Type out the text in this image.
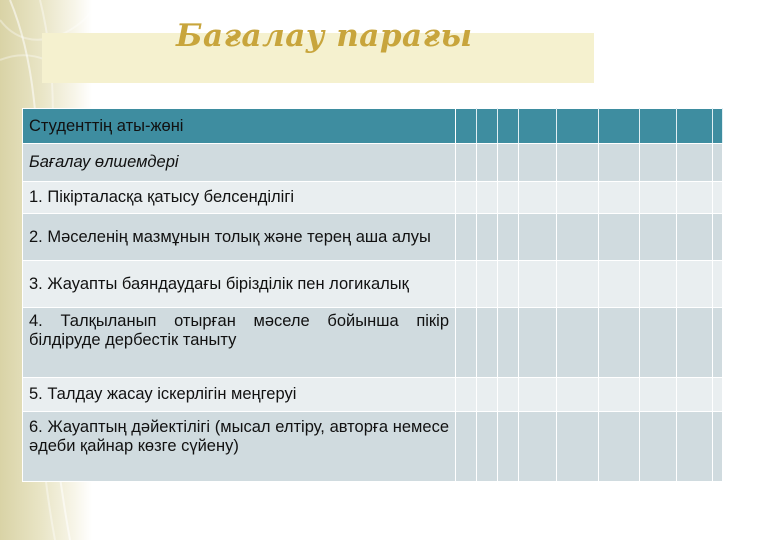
Бағалау парағы
Студенттің аты-жөні									
Бағалау өлшемдері									
1. Пікірталасқа қатысу белсенділігі									
2. Мәселенің мазмұнын толық және терең аша алуы									
3. Жауапты баяндаудағы бірізділік пен логикалық									
4. Талқыланып отырған мәселе бойынша пікір білдіруде дербестік таныту									
5. Талдау жасау іскерлігін меңгеруі									
6. Жауаптың дәйектілігі (мысал елтіру, авторға немесе әдеби қайнар көзге сүйену)									
